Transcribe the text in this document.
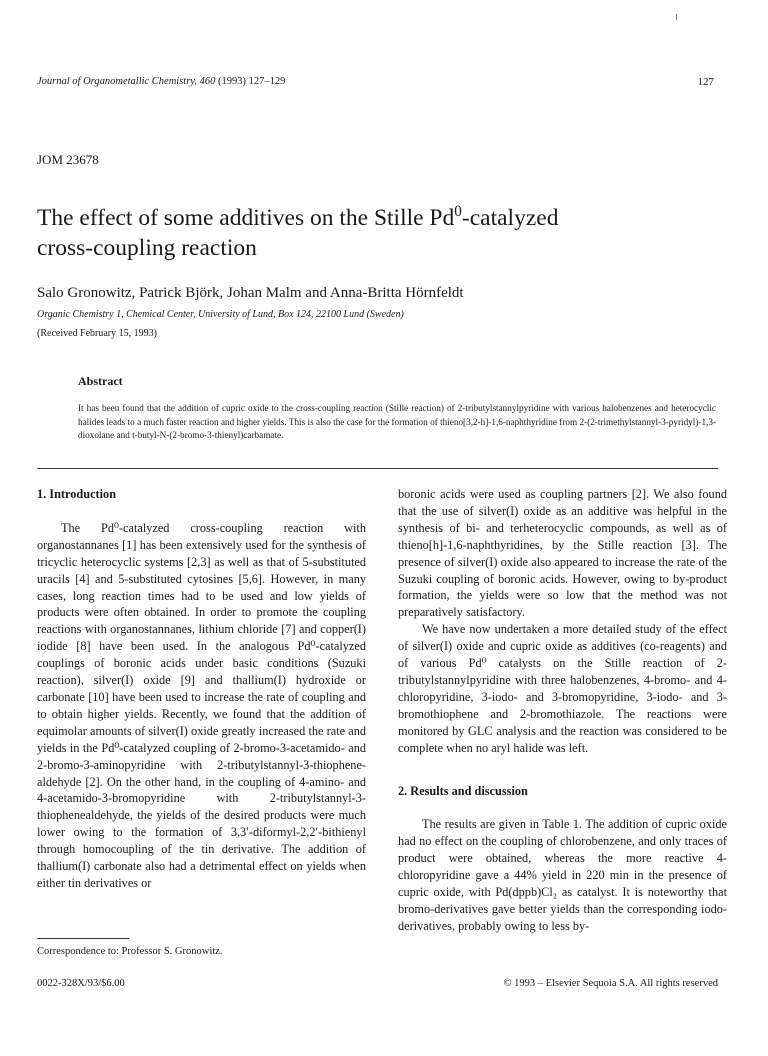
Journal of Organometallic Chemistry, 460 (1993) 127–129	127
JOM 23678
The effect of some additives on the Stille Pd$^0$-catalyzed
cross-coupling reaction
Salo Gronowitz, Patrick Björk, Johan Malm and Anna-Britta Hörnfeldt
Organic Chemistry 1, Chemical Center, University of Lund, Box 124, 22100 Lund (Sweden)
(Received February 15, 1993)
Abstract
It has been found that the addition of cupric oxide to the cross-coupling reaction (Stille reaction) of 2-tributylstannylpyridine with various halobenzenes and heterocyclic halides leads to a much faster reaction and higher yields. This is also the case for the formation of thieno[3,2-h]-1,6-naphthyridine from 2-(2-trimethylstannyl-3-pyridyl)-1,3-dioxolane and t-butyl-N-(2-bromo-3-thienyl)carbamate.
1. Introduction

The Pd⁰-catalyzed cross-coupling reaction with organostannanes [1] has been extensively used for the synthesis of tricyclic heterocyclic systems [2,3] as well as that of 5-substituted uracils [4] and 5-substituted cytosines [5,6]. However, in many cases, long reaction times had to be used and low yields of products were often obtained. In order to promote the coupling reactions with organostannanes, lithium chloride [7] and copper(I) iodide [8] have been used. In the analogous Pd⁰-catalyzed couplings of boronic acids under basic conditions (Suzuki reaction), silver(I) oxide [9] and thallium(I) hydroxide or carbonate [10] have been used to increase the rate of coupling and to obtain higher yields. Recently, we found that the addition of equimolar amounts of silver(I) oxide greatly increased the rate and yields in the Pd⁰-catalyzed coupling of 2-bromo-3-acetamido- and 2-bromo-3-aminopyridine with 2-tributylstannyl-3-thiophene-aldehyde [2]. On the other hand, in the coupling of 4-amino- and 4-acetamido-3-bromopyridine with 2-tributylstannyl-3-thiophenealdehyde, the yields of the desired products were much lower owing to the formation of 3,3′-diformyl-2,2′-bithienyl through homocoupling of the tin derivative. The addition of thallium(I) carbonate also had a detrimental effect on yields when either tin derivatives or

boronic acids were used as coupling partners [2]. We also found that the use of silver(I) oxide as an additive was helpful in the synthesis of bi- and terheterocyclic compounds, as well as of thieno[h]-1,6-naphthyridines, by the Stille reaction [3]. The presence of silver(I) oxide also appeared to increase the rate of the Suzuki coupling of boronic acids. However, owing to by-product formation, the yields were so low that the method was not preparatively satisfactory.

We have now undertaken a more detailed study of the effect of silver(I) oxide and cupric oxide as additives (co-reagents) and of various Pd⁰ catalysts on the Stille reaction of 2-tributylstannylpyridine with three halobenzenes, 4-bromo- and 4-chloropyridine, 3-iodo- and 3-bromopyridine, 3-iodo- and 3-bromothiophene and 2-bromothiazole. The reactions were monitored by GLC analysis and the reaction was considered to be complete when no aryl halide was left.

2. Results and discussion

The results are given in Table 1. The addition of cupric oxide had no effect on the coupling of chlorobenzene, and only traces of product were obtained, whereas the more reactive 4-chloropyridine gave a 44% yield in 220 min in the presence of cupric oxide, with Pd(dppb)Cl₂ as catalyst. It is noteworthy that bromo-derivatives gave better yields than the corresponding iodo-derivatives, probably owing to less by-

Correspondence to: Professor S. Gronowitz.
0022-328X/93/$6.00	© 1993 – Elsevier Sequoia S.A. All rights reserved
